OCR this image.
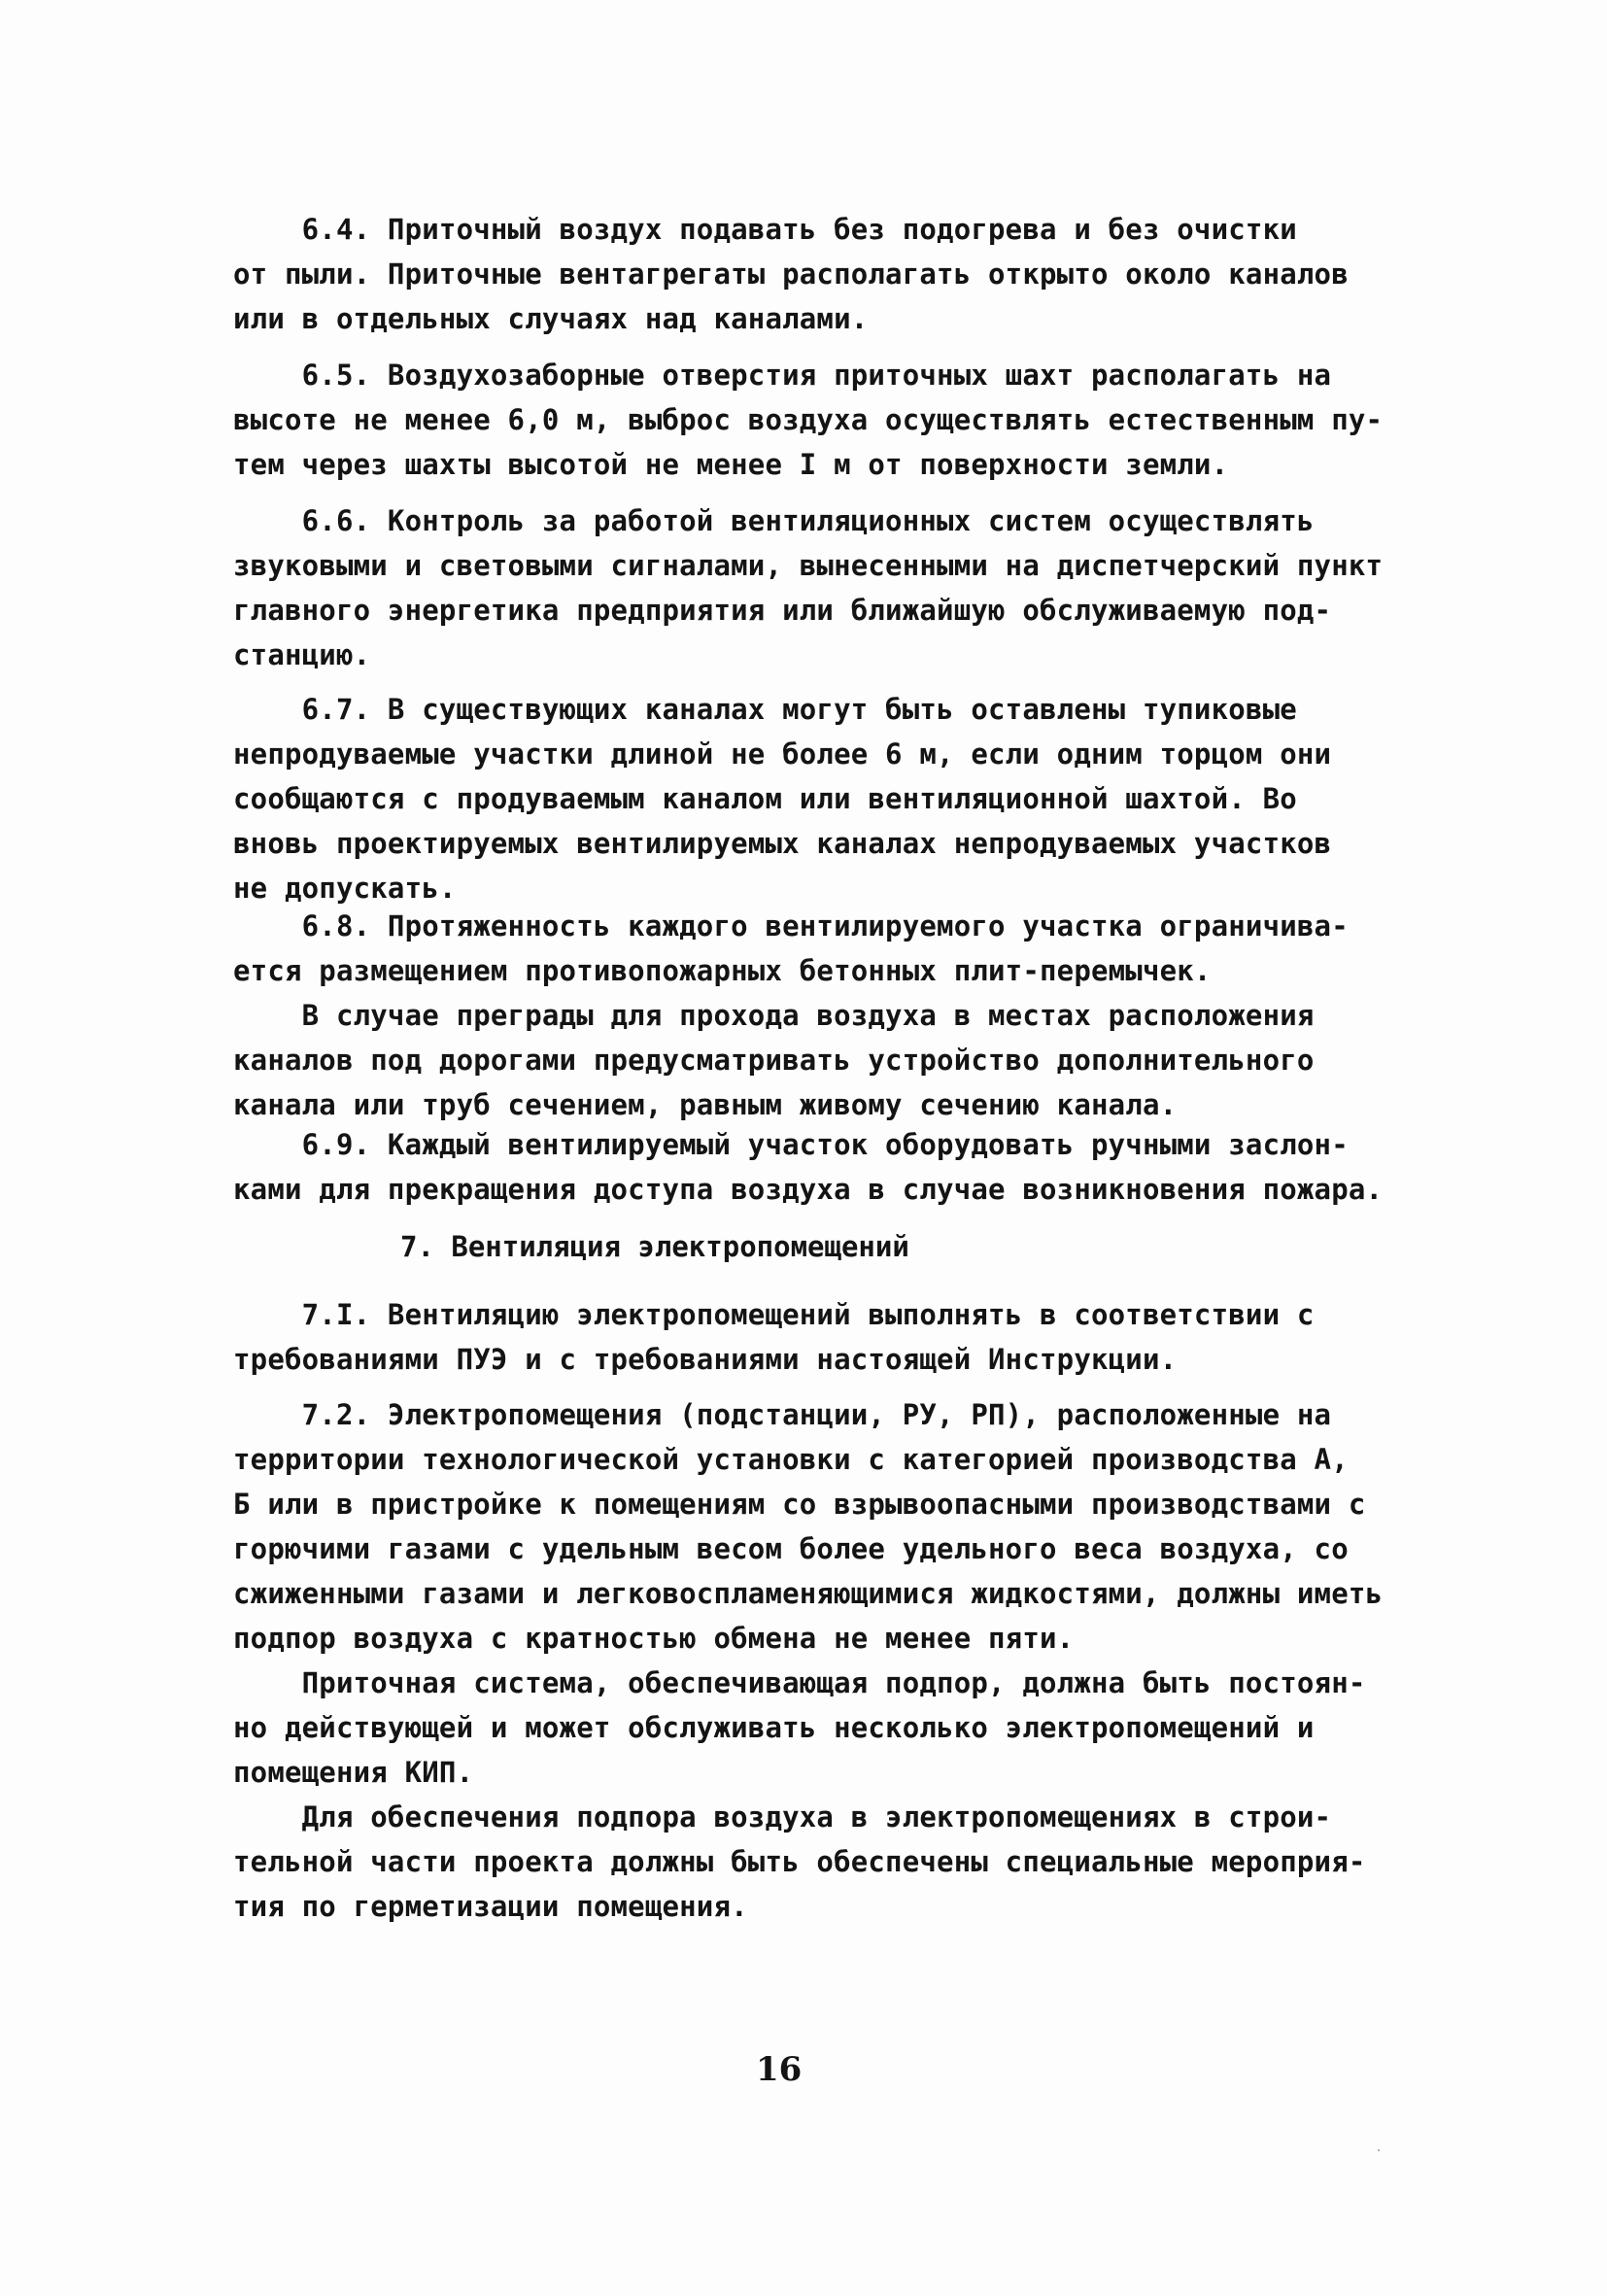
6.4. Приточный воздух подавать без подогрева и без очистки
от пыли. Приточные вентагрегаты располагать открыто около каналов
или в отдельных случаях над каналами.
6.5. Воздухозаборные отверстия приточных шахт располагать на
высоте не менее 6,0 м, выброс воздуха осуществлять естественным пу-
тем через шахты высотой не менее I м от поверхности земли.
6.6. Контроль за работой вентиляционных систем осуществлять
звуковыми и световыми сигналами, вынесенными на диспетчерский пункт
главного энергетика предприятия или ближайшую обслуживаемую под-
станцию.
6.7. В существующих каналах могут быть оставлены тупиковые
непродуваемые участки длиной не более 6 м, если одним торцом они
сообщаются с продуваемым каналом или вентиляционной шахтой. Во
вновь проектируемых вентилируемых каналах непродуваемых участков
не допускать.
6.8. Протяженность каждого вентилируемого участка ограничива-
ется размещением противопожарных бетонных плит-перемычек.
В случае преграды для прохода воздуха в местах расположения
каналов под дорогами предусматривать устройство дополнительного
канала или труб сечением, равным живому сечению канала.
6.9. Каждый вентилируемый участок оборудовать ручными заслон-
ками для прекращения доступа воздуха в случае возникновения пожара.
7. Вентиляция электропомещений
7.I. Вентиляцию электропомещений выполнять в соответствии с
требованиями ПУЭ и с требованиями настоящей Инструкции.
7.2. Электропомещения (подстанции, РУ, РП), расположенные на
территории технологической установки с категорией производства А,
Б или в пристройке к помещениям со взрывоопасными производствами с
горючими газами с удельным весом более удельного веса воздуха, со
сжиженными газами и легковоспламеняющимися жидкостями, должны иметь
подпор воздуха с кратностью обмена не менее пяти.
Приточная система, обеспечивающая подпор, должна быть постоян-
но действующей и может обслуживать несколько электропомещений и
помещения КИП.
Для обеспечения подпора воздуха в электропомещениях в строи-
тельной части проекта должны быть обеспечены специальные мероприя-
тия по герметизации помещения.
16
